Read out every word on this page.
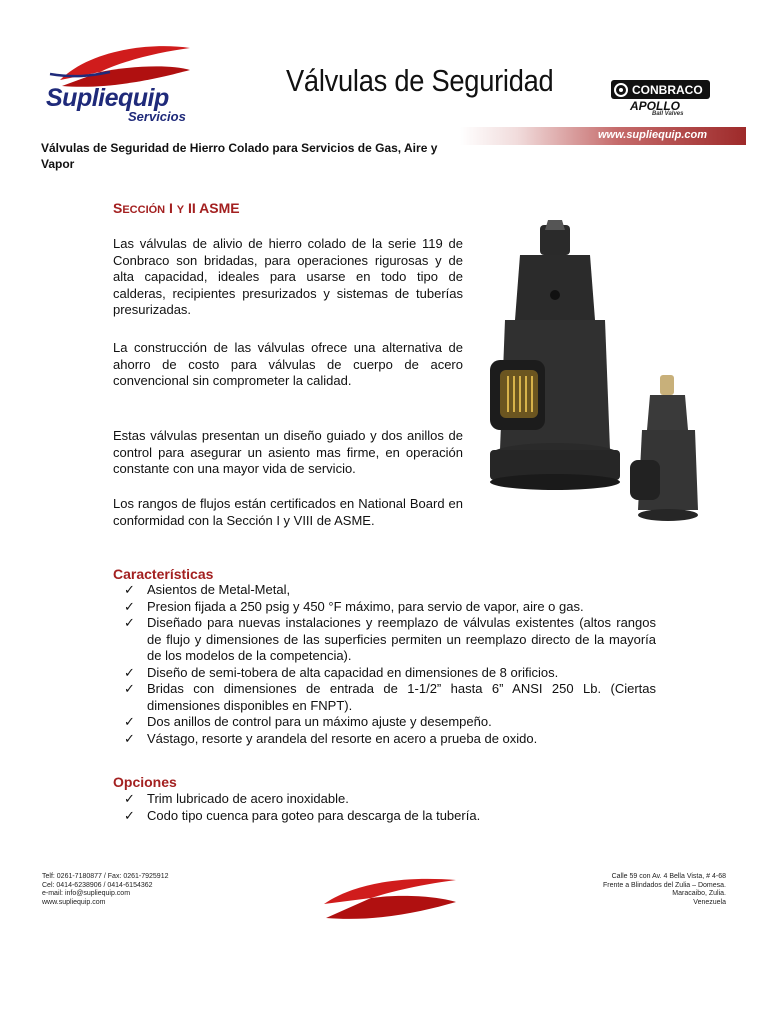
Supliequip
Servicios
Válvulas de Seguridad	CONBRACO
APOLLO
Ball Valves
www.supliequip.com
Válvulas de Seguridad de Hierro Colado para Servicios de Gas, Aire y Vapor
SECCIÓN I Y II ASME
Las válvulas de alivio de hierro colado de la serie 119 de Conbraco son bridadas, para operaciones rigurosas y de alta capacidad, ideales para usarse en todo tipo de calderas, recipientes presurizados y sistemas de tuberías presurizadas.
La construcción de las válvulas ofrece una alternativa de ahorro de costo para válvulas de cuerpo de acero convencional sin comprometer la calidad.
Estas válvulas presentan un diseño guiado y dos anillos de control para asegurar un asiento mas firme, en operación constante con una mayor vida de servicio.
Los rangos de flujos están certificados en National Board en conformidad con la Sección I y VIII de ASME.
Características
✓ Asientos de Metal-Metal,
✓ Presion fijada a 250 psig y 450 °F máximo, para servio de vapor, aire o gas.
✓ Diseñado para nuevas instalaciones y reemplazo de válvulas existentes (altos rangos de flujo y dimensiones de las superficies permiten un reemplazo directo de la mayoría de los modelos de la competencia).
✓ Diseño de semi-tobera de alta capacidad en dimensiones de 8 orificios.
✓ Bridas con dimensiones de entrada de 1-1/2” hasta 6” ANSI 250 Lb. (Ciertas dimensiones disponibles en FNPT).
✓ Dos anillos de control para un máximo ajuste y desempeño.
✓ Vástago, resorte y arandela del resorte en acero a prueba de oxido.
Opciones
✓ Trim lubricado de acero inoxidable.
✓ Codo tipo cuenca para goteo para descarga de la tubería.
Telf: 0261-7180877 / Fax: 0261-7925912
Cel: 0414-6238906 / 0414-6154362
e-mail: info@supliequip.com
www.supliequip.com
Calle 59 con Av. 4 Bella Vista, # 4-68
Frente a Blindados del Zulia – Domesa.
Maracaibo, Zulia.
Venezuela
